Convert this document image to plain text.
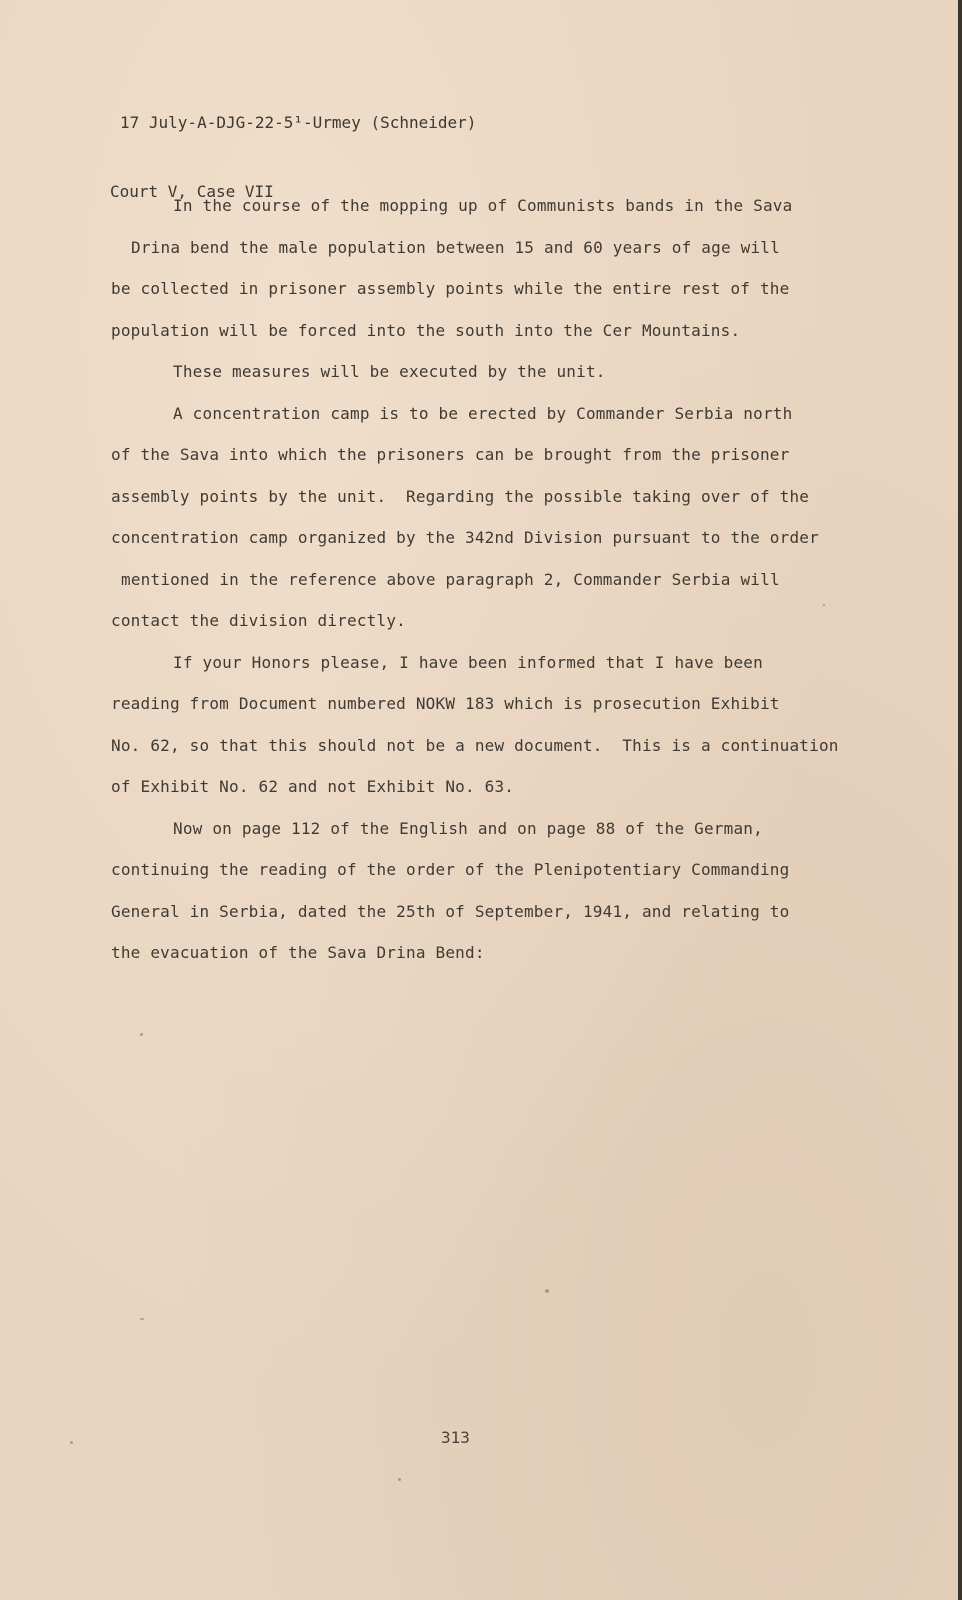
17 July-A-DJG-22-5¹-Urmey (Schneider)

Court V, Case VII

In the course of the mopping up of Communists bands in the Sava
Drina bend the male population between 15 and 60 years of age will
be collected in prisoner assembly points while the entire rest of the
population will be forced into the south into the Cer Mountains.
These measures will be executed by the unit.
A concentration camp is to be erected by Commander Serbia north
of the Sava into which the prisoners can be brought from the prisoner
assembly points by the unit.  Regarding the possible taking over of the
concentration camp organized by the 342nd Division pursuant to the order
mentioned in the reference above paragraph 2, Commander Serbia will
contact the division directly.
If your Honors please, I have been informed that I have been
reading from Document numbered NOKW 183 which is prosecution Exhibit
No. 62, so that this should not be a new document.  This is a continuation
of Exhibit No. 62 and not Exhibit No. 63.
Now on page 112 of the English and on page 88 of the German,
continuing the reading of the order of the Plenipotentiary Commanding
General in Serbia, dated the 25th of September, 1941, and relating to
the evacuation of the Sava Drina Bend:
313
